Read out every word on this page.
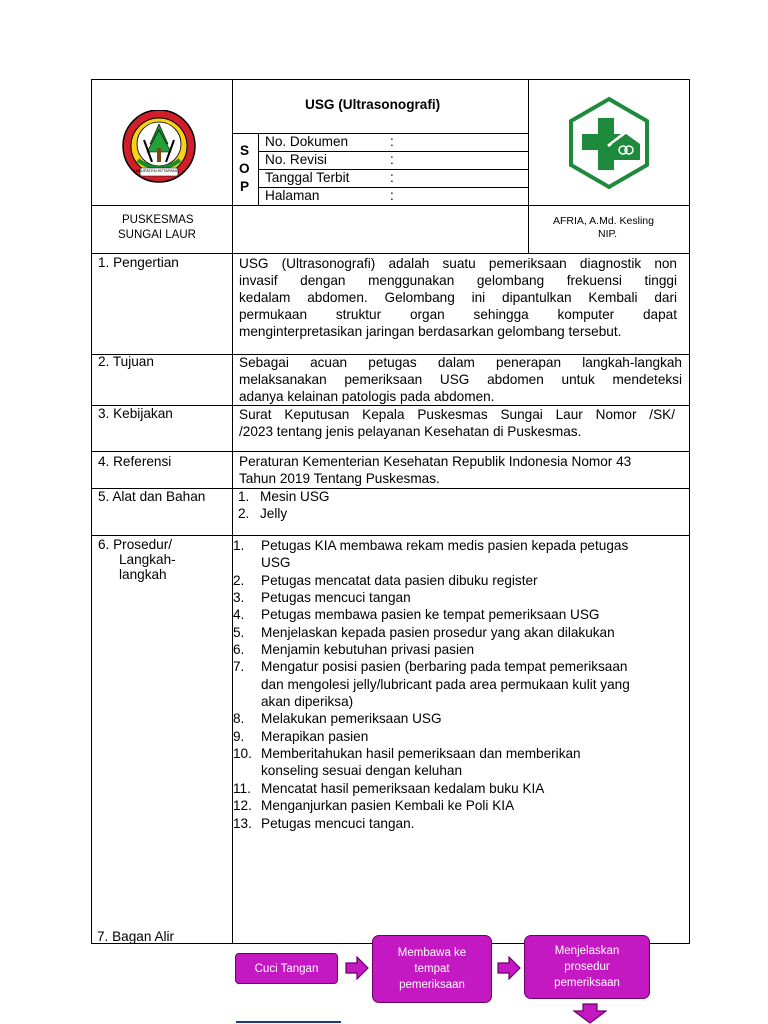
KABUPATEN KETAPANG
USG (Ultrasonografi)
S
O
P
No. Dokumen	:
No. Revisi	:
Tanggal Terbit	:
Halaman	:
PUSKESMAS
SUNGAI LAUR
AFRIA, A.Md. Kesling
NIP.
1. Pengertian	USG (Ultrasonografi) adalah suatu pemeriksaan diagnostik non
invasif dengan menggunakan gelombang frekuensi tinggi
kedalam abdomen. Gelombang ini dipantulkan Kembali dari
permukaan struktur organ sehingga komputer dapat
menginterpretasikan jaringan berdasarkan gelombang tersebut.
2. Tujuan	Sebagai acuan petugas dalam penerapan langkah-langkah
melaksanakan pemeriksaan USG abdomen untuk mendeteksi
adanya kelainan patologis pada abdomen.
3. Kebijakan	Surat Keputusan Kepala Puskesmas Sungai Laur Nomor /SK/
/2023 tentang jenis pelayanan Kesehatan di Puskesmas.
4. Referensi	Peraturan Kementerian Kesehatan Republik Indonesia Nomor 43
Tahun 2019 Tentang Puskesmas.
5. Alat dan Bahan 1. Mesin USG
2. Jelly
6. Prosedur/
Langkah-
langkah
1. Petugas KIA membawa rekam medis pasien kepada petugas
USG
2. Petugas mencatat data pasien dibuku register
3. Petugas mencuci tangan
4. Petugas membawa pasien ke tempat pemeriksaan USG
5. Menjelaskan kepada pasien prosedur yang akan dilakukan
6. Menjamin kebutuhan privasi pasien
7. Mengatur posisi pasien (berbaring pada tempat pemeriksaan
dan mengolesi jelly/lubricant pada area permukaan kulit yang
akan diperiksa)
8. Melakukan pemeriksaan USG
9. Merapikan pasien
10. Memberitahukan hasil pemeriksaan dan memberikan
konseling sesuai dengan keluhan
11. Mencatat hasil pemeriksaan kedalam buku KIA
12. Menganjurkan pasien Kembali ke Poli KIA
13. Petugas mencuci tangan.
7. Bagan Alir
Cuci Tangan
Membawa ke
tempat
pemeriksaan
Menjelaskan
prosedur
pemeriksaan
